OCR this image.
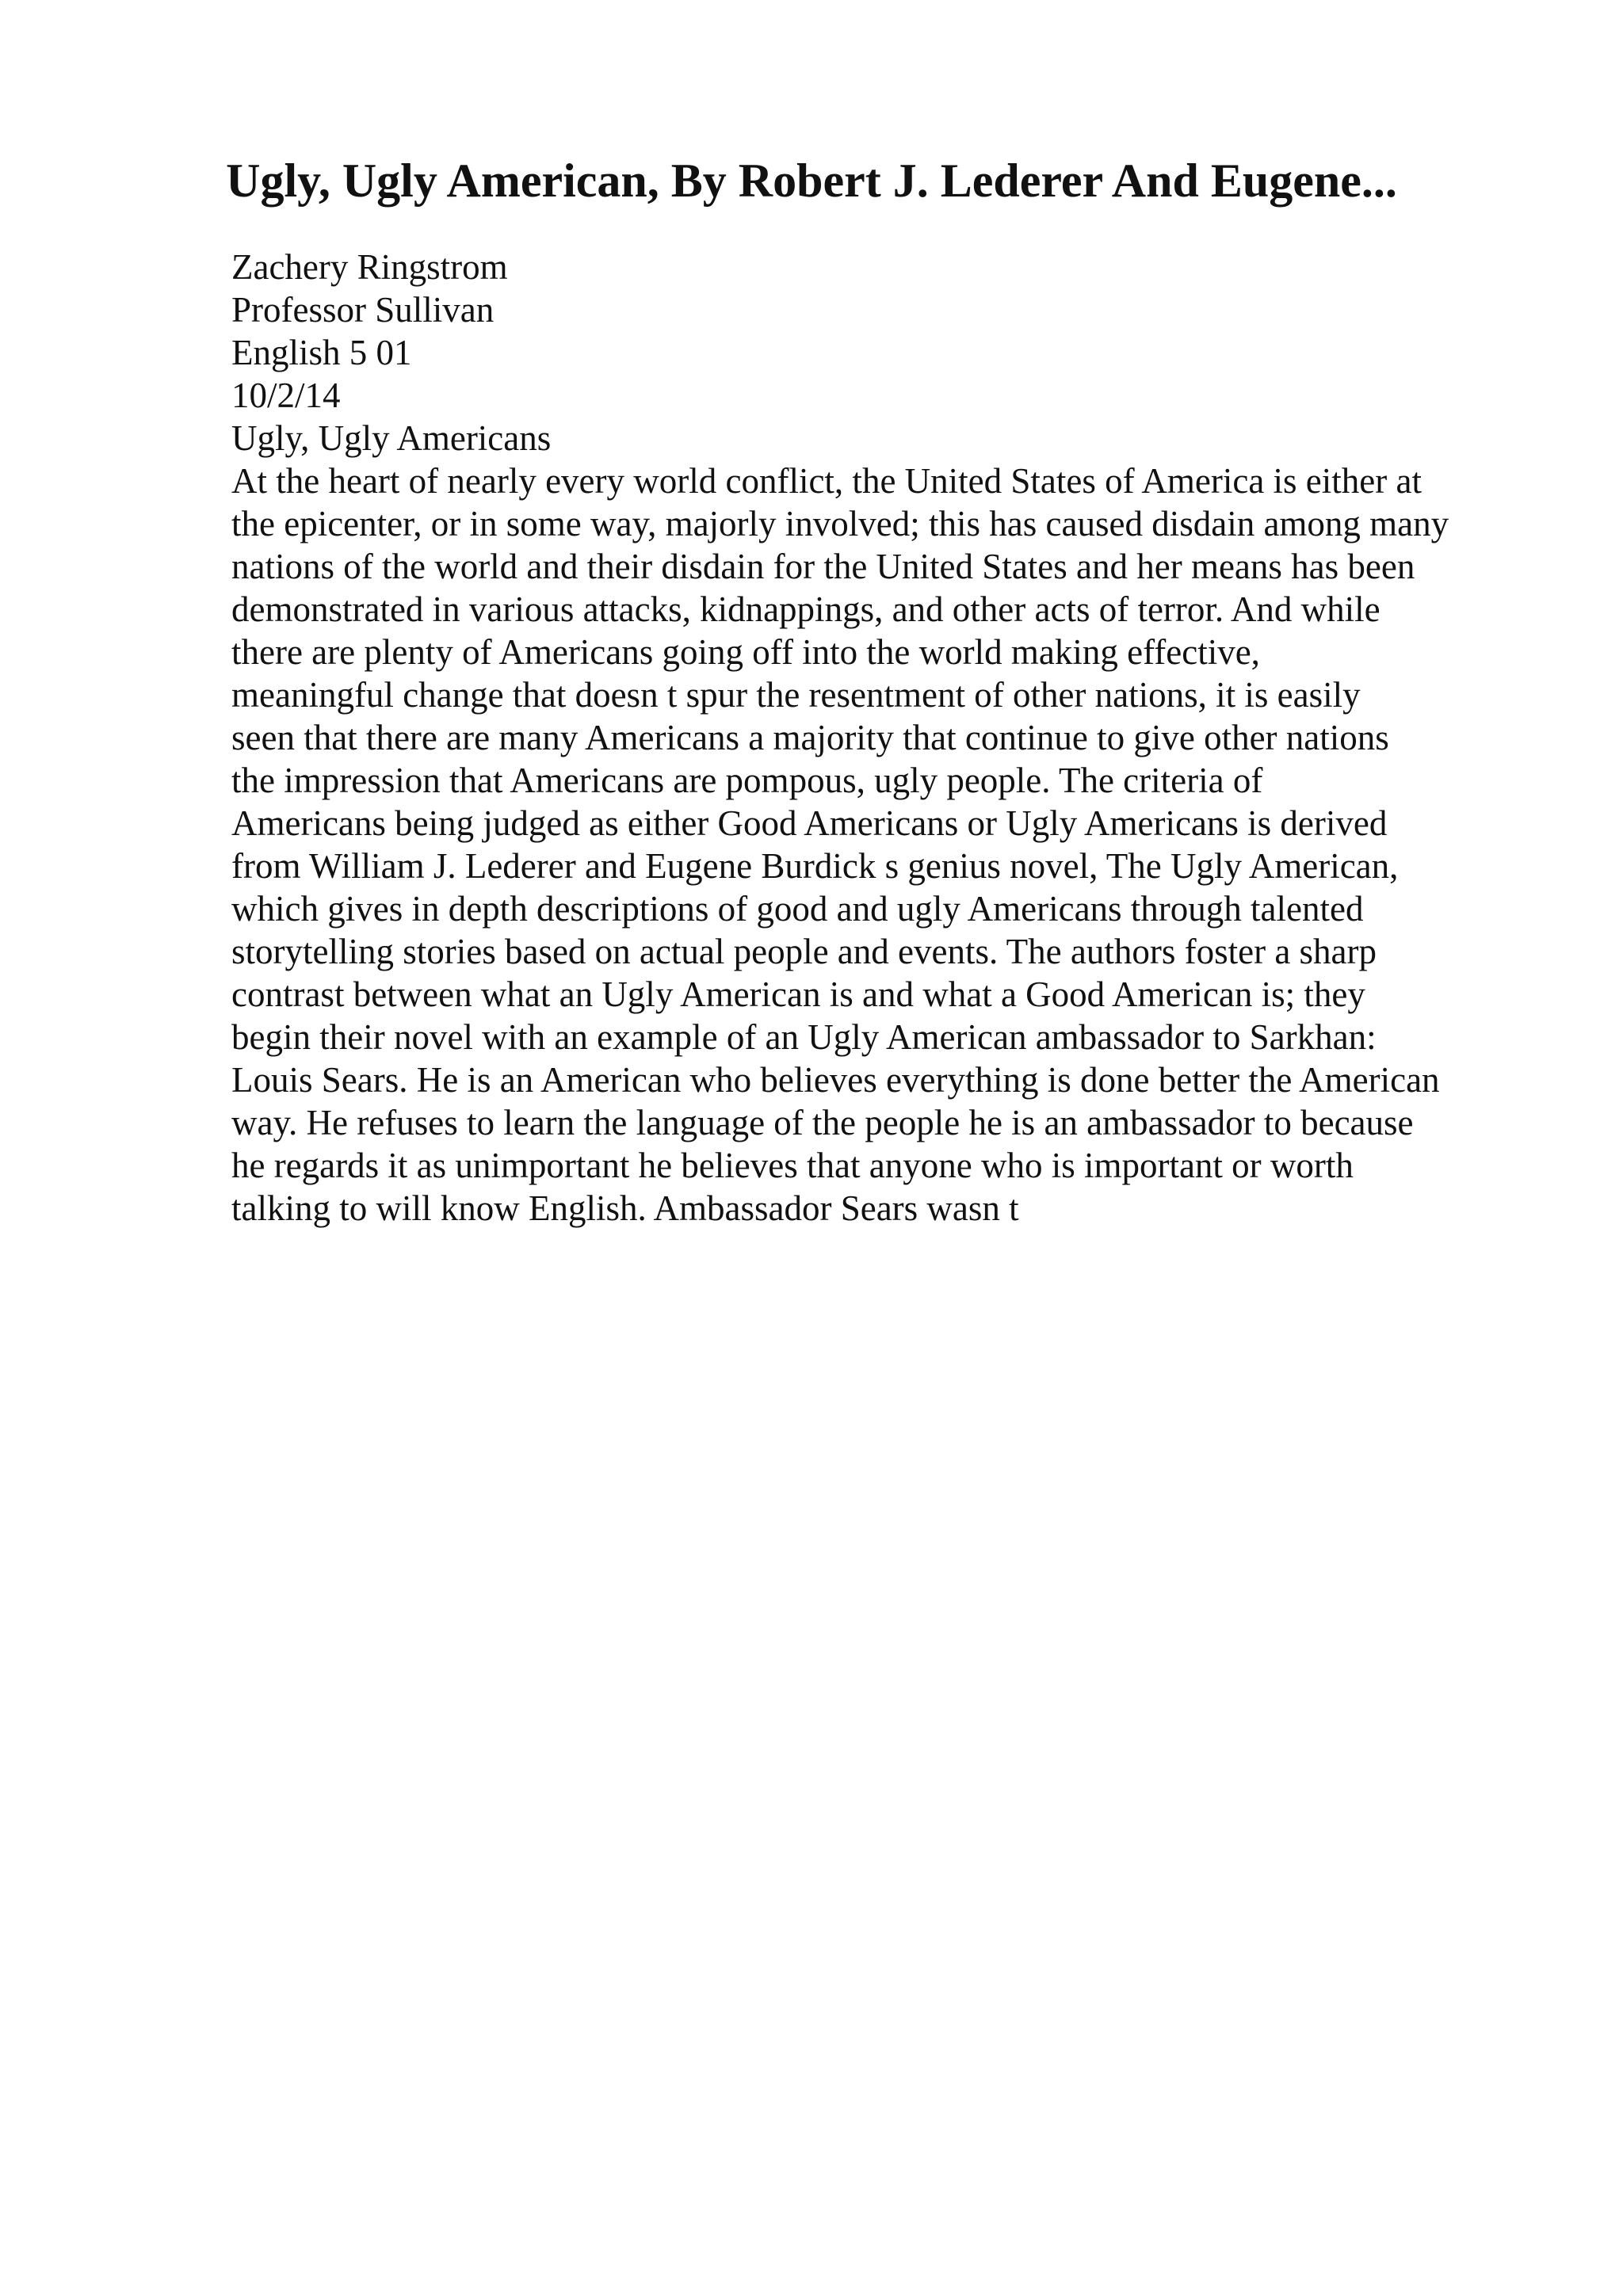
Ugly, Ugly American, By Robert J. Lederer And Eugene...
Zachery Ringstrom
Professor Sullivan
English 5 01
10/2/14
Ugly, Ugly Americans
At the heart of nearly every world conflict, the United States of America is either at
the epicenter, or in some way, majorly involved; this has caused disdain among many
nations of the world and their disdain for the United States and her means has been
demonstrated in various attacks, kidnappings, and other acts of terror. And while
there are plenty of Americans going off into the world making effective,
meaningful change that doesn t spur the resentment of other nations, it is easily
seen that there are many Americans a majority that continue to give other nations
the impression that Americans are pompous, ugly people. The criteria of
Americans being judged as either Good Americans or Ugly Americans is derived
from William J. Lederer and Eugene Burdick s genius novel, The Ugly American,
which gives in depth descriptions of good and ugly Americans through talented
storytelling stories based on actual people and events. The authors foster a sharp
contrast between what an Ugly American is and what a Good American is; they
begin their novel with an example of an Ugly American ambassador to Sarkhan:
Louis Sears. He is an American who believes everything is done better the American
way. He refuses to learn the language of the people he is an ambassador to because
he regards it as unimportant he believes that anyone who is important or worth
talking to will know English. Ambassador Sears wasn t
